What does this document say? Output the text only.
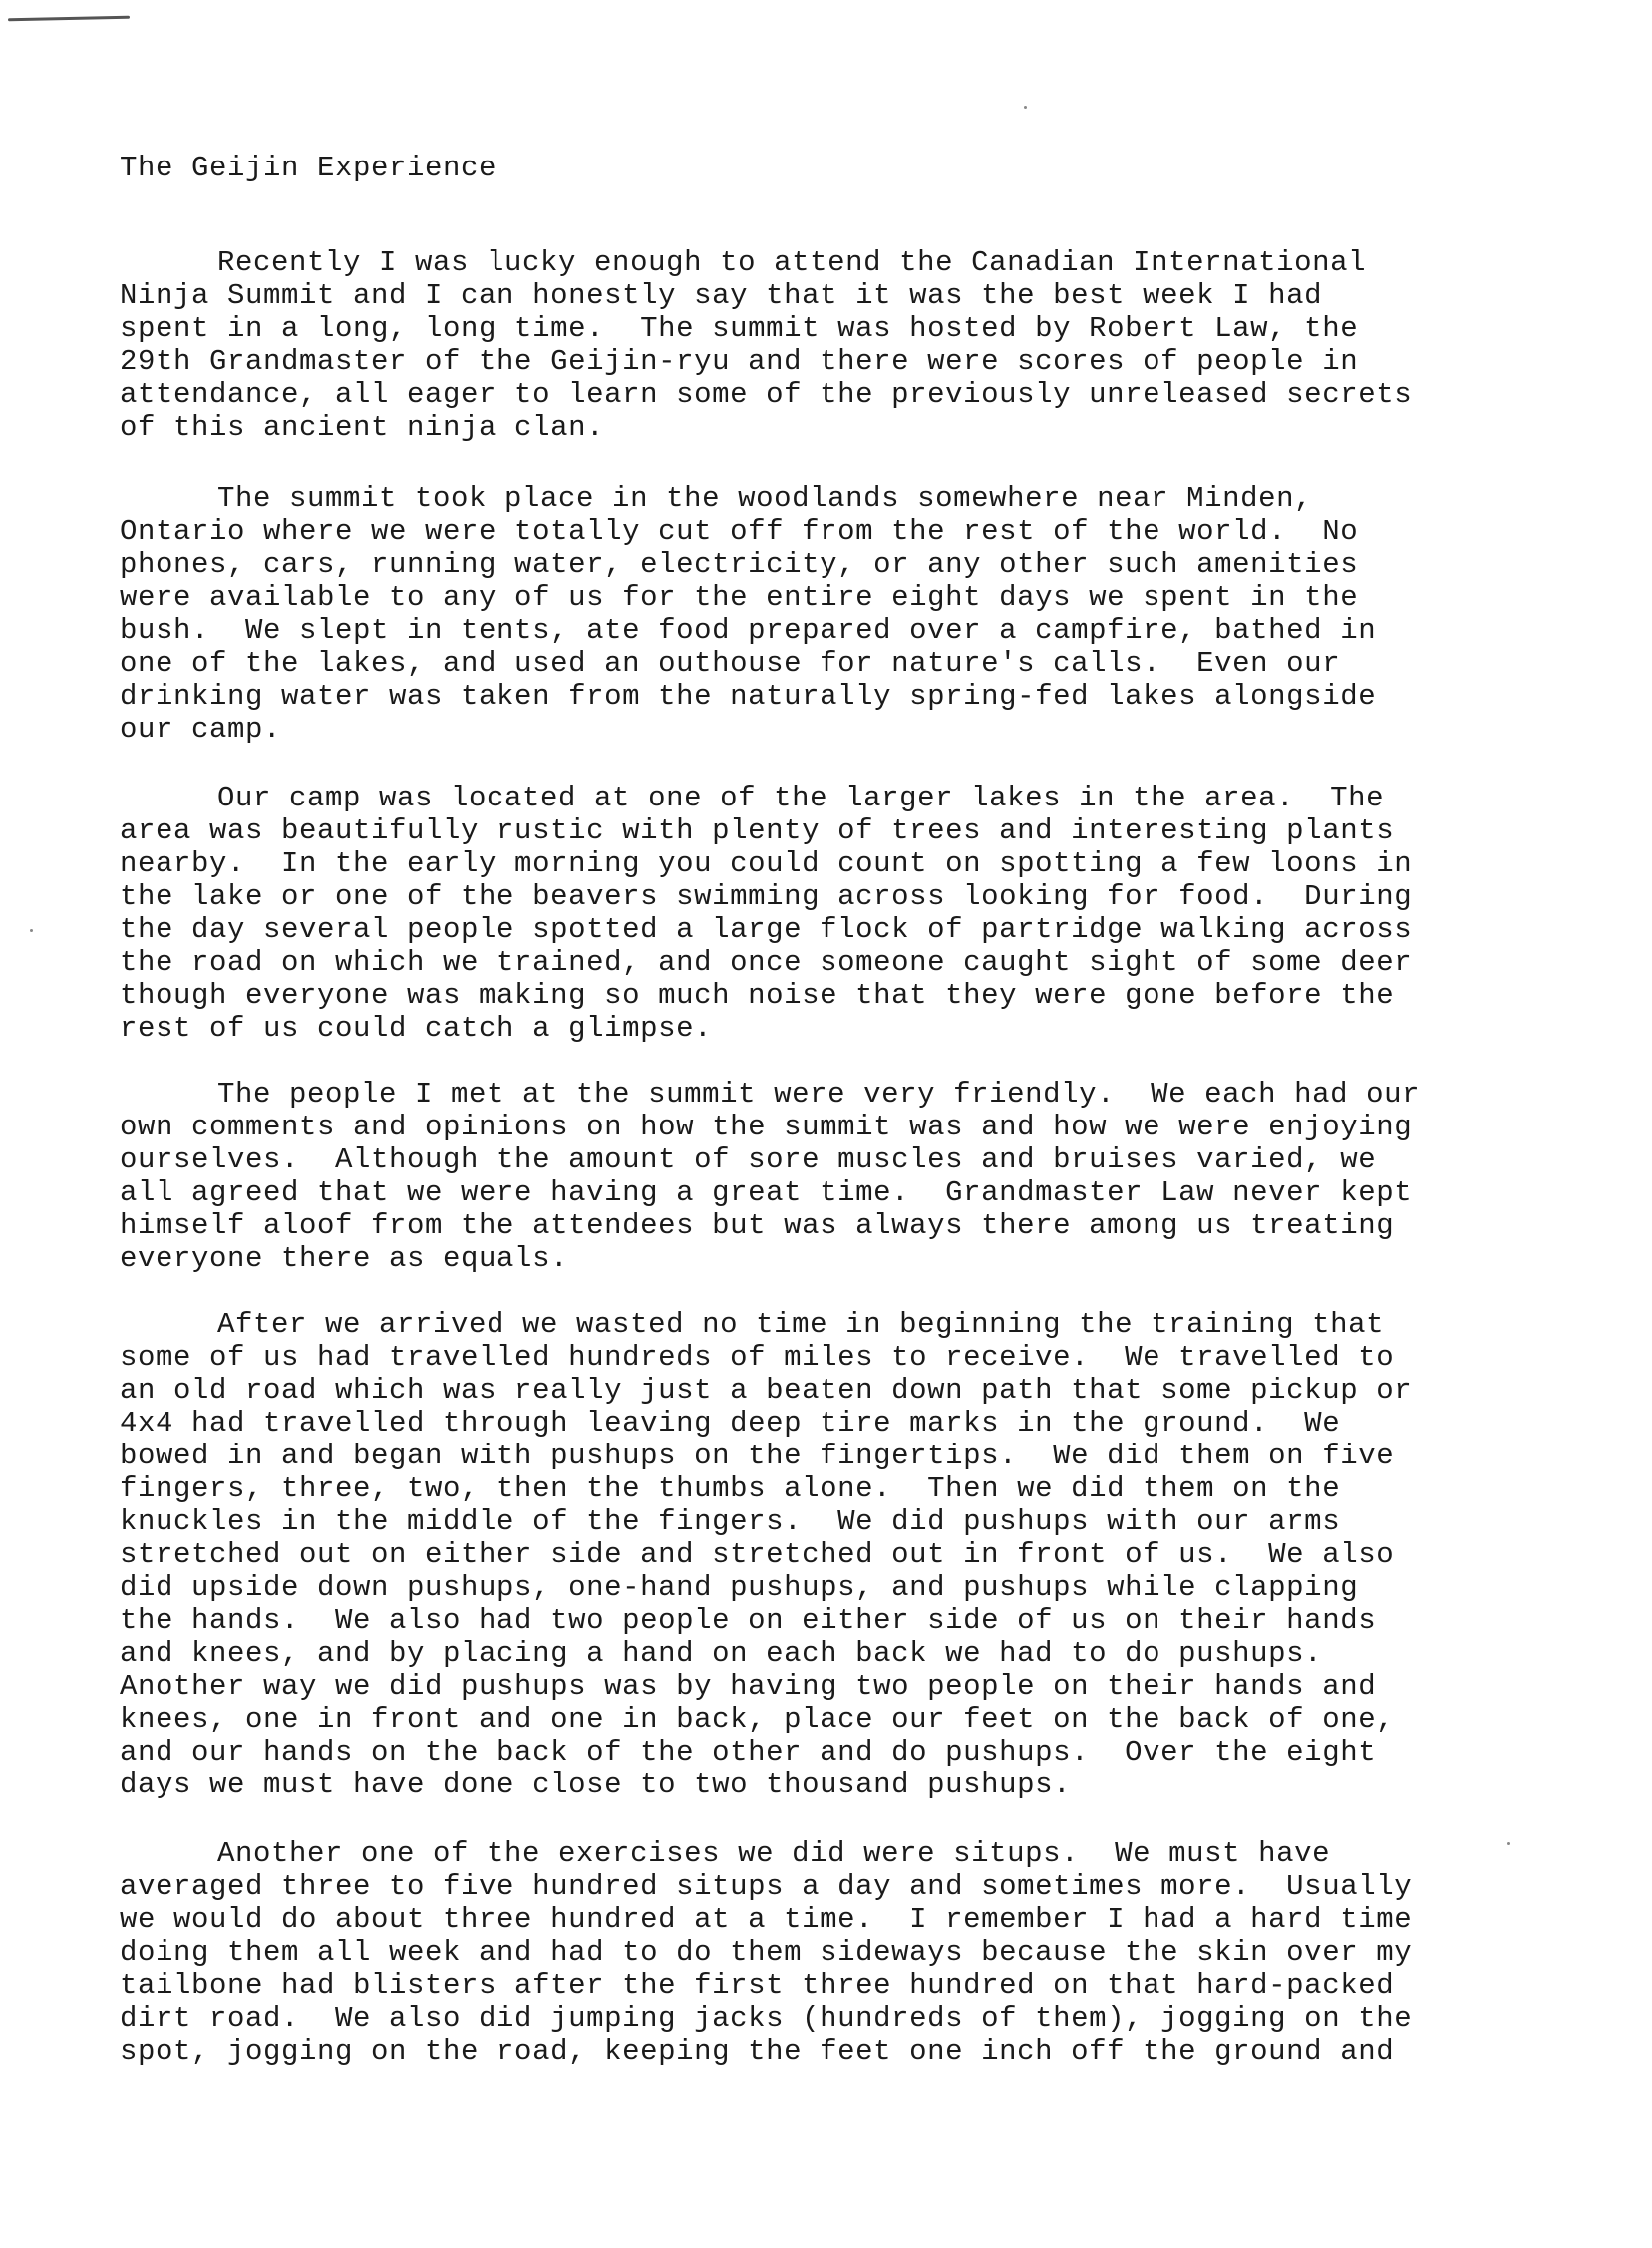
The Geijin Experience
Recently I was lucky enough to attend the Canadian International
Ninja Summit and I can honestly say that it was the best week I had
spent in a long, long time.  The summit was hosted by Robert Law, the
29th Grandmaster of the Geijin-ryu and there were scores of people in
attendance, all eager to learn some of the previously unreleased secrets
of this ancient ninja clan.
The summit took place in the woodlands somewhere near Minden,
Ontario where we were totally cut off from the rest of the world.  No
phones, cars, running water, electricity, or any other such amenities
were available to any of us for the entire eight days we spent in the
bush.  We slept in tents, ate food prepared over a campfire, bathed in
one of the lakes, and used an outhouse for nature's calls.  Even our
drinking water was taken from the naturally spring-fed lakes alongside
our camp.
Our camp was located at one of the larger lakes in the area.  The
area was beautifully rustic with plenty of trees and interesting plants
nearby.  In the early morning you could count on spotting a few loons in
the lake or one of the beavers swimming across looking for food.  During
the day several people spotted a large flock of partridge walking across
the road on which we trained, and once someone caught sight of some deer
though everyone was making so much noise that they were gone before the
rest of us could catch a glimpse.
The people I met at the summit were very friendly.  We each had our
own comments and opinions on how the summit was and how we were enjoying
ourselves.  Although the amount of sore muscles and bruises varied, we
all agreed that we were having a great time.  Grandmaster Law never kept
himself aloof from the attendees but was always there among us treating
everyone there as equals.
After we arrived we wasted no time in beginning the training that
some of us had travelled hundreds of miles to receive.  We travelled to
an old road which was really just a beaten down path that some pickup or
4x4 had travelled through leaving deep tire marks in the ground.  We
bowed in and began with pushups on the fingertips.  We did them on five
fingers, three, two, then the thumbs alone.  Then we did them on the
knuckles in the middle of the fingers.  We did pushups with our arms
stretched out on either side and stretched out in front of us.  We also
did upside down pushups, one-hand pushups, and pushups while clapping
the hands.  We also had two people on either side of us on their hands
and knees, and by placing a hand on each back we had to do pushups.
Another way we did pushups was by having two people on their hands and
knees, one in front and one in back, place our feet on the back of one,
and our hands on the back of the other and do pushups.  Over the eight
days we must have done close to two thousand pushups.
Another one of the exercises we did were situps.  We must have
averaged three to five hundred situps a day and sometimes more.  Usually
we would do about three hundred at a time.  I remember I had a hard time
doing them all week and had to do them sideways because the skin over my
tailbone had blisters after the first three hundred on that hard-packed
dirt road.  We also did jumping jacks (hundreds of them), jogging on the
spot, jogging on the road, keeping the feet one inch off the ground and
